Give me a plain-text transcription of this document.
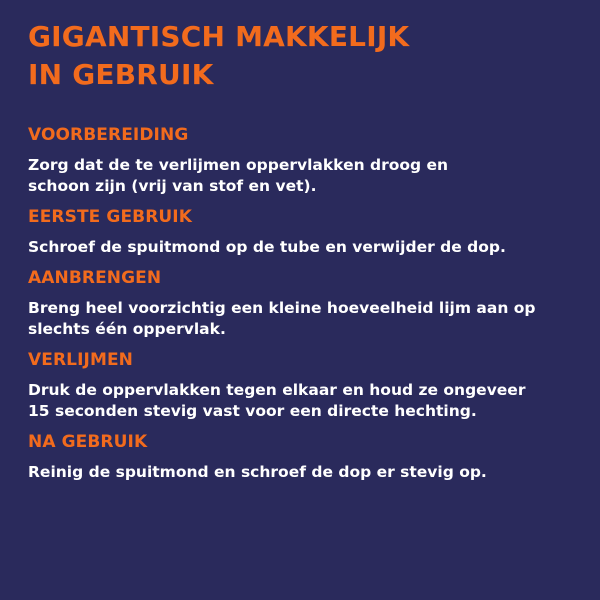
GIGANTISCH MAKKELIJK
IN GEBRUIK
VOORBEREIDING
Zorg dat de te verlijmen oppervlakken droog en schoon zijn (vrij van stof en vet).
EERSTE GEBRUIK
Schroef de spuitmond op de tube en verwijder de dop.
AANBRENGEN
Breng heel voorzichtig een kleine hoeveelheid lijm aan op slechts één oppervlak.
VERLIJMEN
Druk de oppervlakken tegen elkaar en houd ze ongeveer 15 seconden stevig vast voor een directe hechting.
NA GEBRUIK
Reinig de spuitmond en schroef de dop er stevig op.
